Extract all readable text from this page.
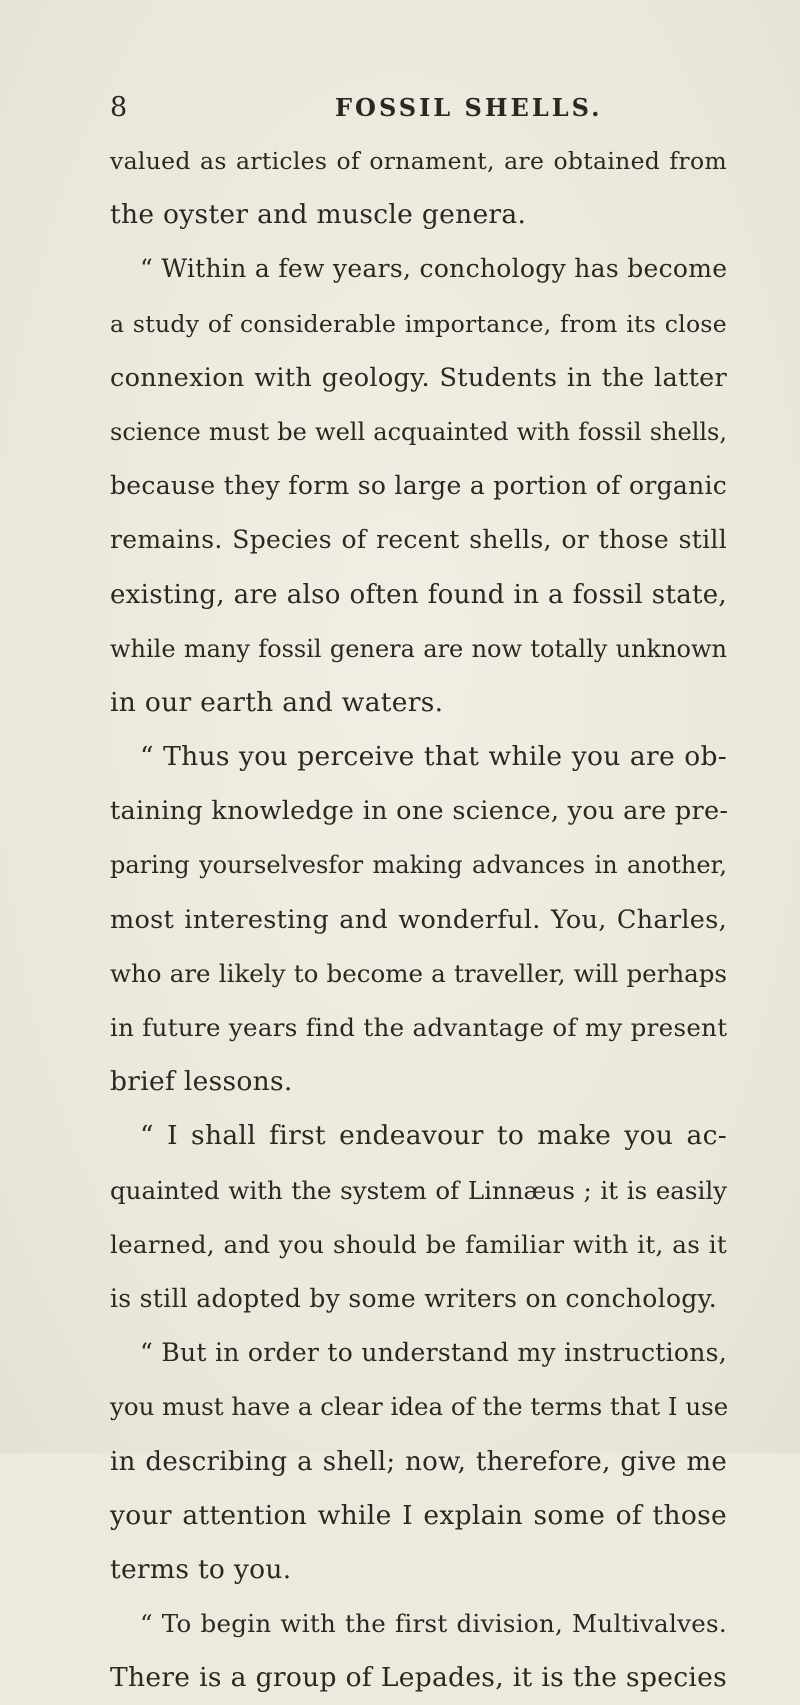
8	FOSSIL SHELLS.
valued as articles of ornament, are obtained from
the oyster and muscle genera.
“ Within a few years, conchology has become
a study of considerable importance, from its close
connexion with geology. Students in the latter
science must be well acquainted with fossil shells,
because they form so large a portion of organic
remains. Species of recent shells, or those still
existing, are also often found in a fossil state,
while many fossil genera are now totally unknown
in our earth and waters.
“ Thus you perceive that while you are ob-
taining knowledge in one science, you are pre-
paring yourselvesfor making advances in another,
most interesting and wonderful. You, Charles,
who are likely to become a traveller, will perhaps
in future years find the advantage of my present
brief lessons.
“ I shall first endeavour to make you ac-
quainted with the system of Linnæus ; it is easily
learned, and you should be familiar with it, as it
is still adopted by some writers on conchology.
“ But in order to understand my instructions,
you must have a clear idea of the terms that I use
in describing a shell; now, therefore, give me
your attention while I explain some of those
terms to you.
“ To begin with the first division, Multivalves.
There is a group of Lepades, it is the species
